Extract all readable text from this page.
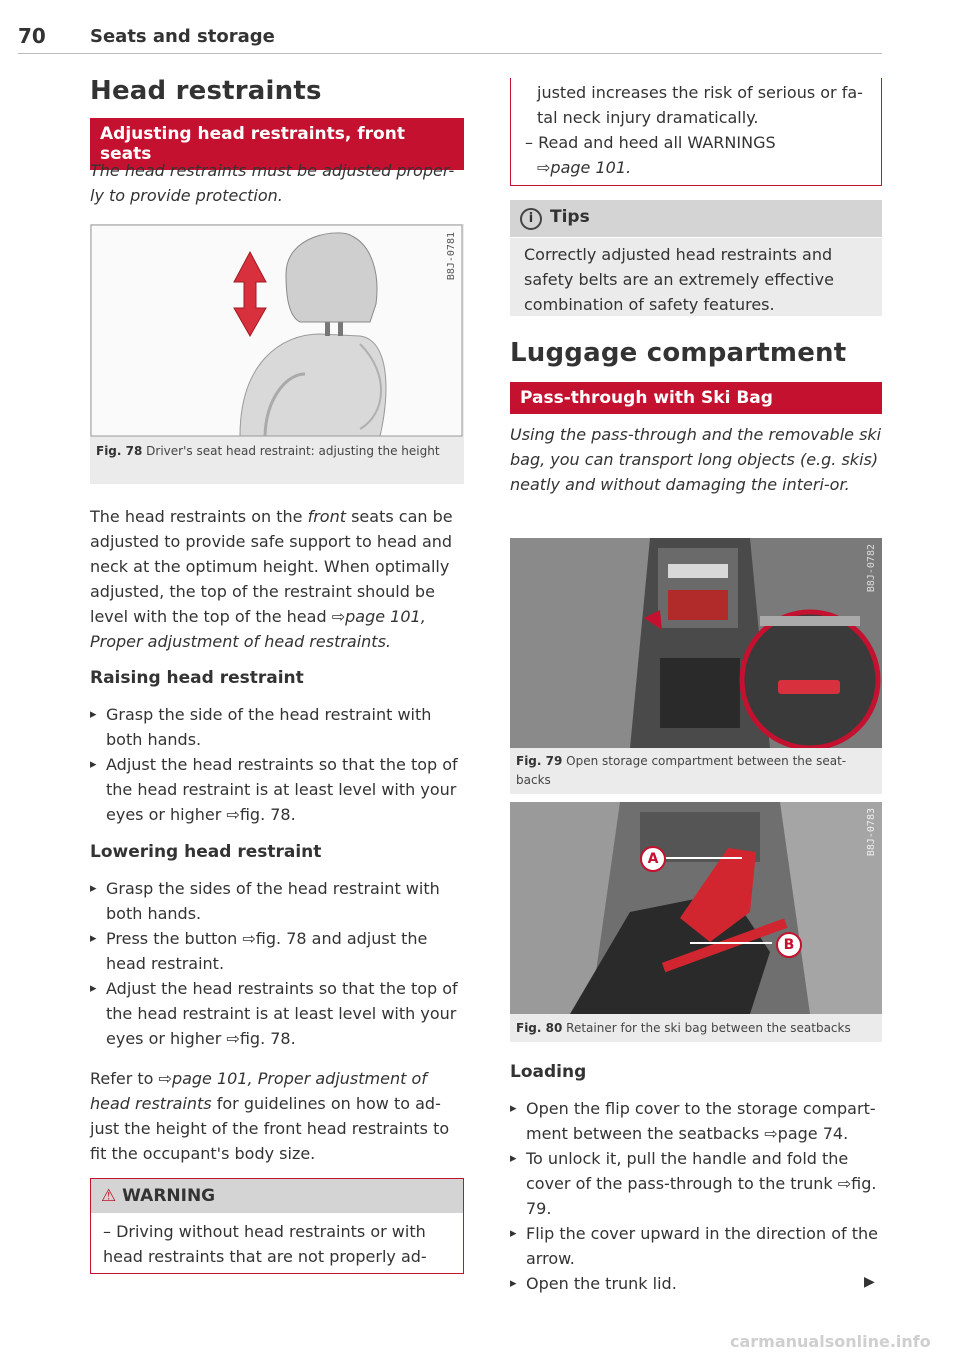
70 Seats and storage
Head restraints
Adjusting head restraints, front seats
The head restraints must be adjusted proper-ly to provide protection.
B8J-0781
Fig. 78 Driver's seat head restraint: adjusting the height
The head restraints on the front seats can be adjusted to provide safe support to head and neck at the optimum height. When optimally adjusted, the top of the restraint should be level with the top of the head ⇨page 101, Proper adjustment of head restraints.
Raising head restraint
▸ Grasp the side of the head restraint with both hands.
▸ Adjust the head restraints so that the top of the head restraint is at least level with your eyes or higher ⇨fig. 78.
Lowering head restraint
▸ Grasp the sides of the head restraint with both hands.
▸ Press the button ⇨fig. 78 and adjust the head restraint.
▸ Adjust the head restraints so that the top of the head restraint is at least level with your eyes or higher ⇨fig. 78.
Refer to ⇨page 101, Proper adjustment of head restraints for guidelines on how to ad-just the height of the front head restraints to fit the occupant's body size.
⚠ WARNING
– Driving without head restraints or with head restraints that are not properly ad-
justed increases the risk of serious or fa-tal neck injury dramatically.
– Read and heed all WARNINGS
⇨page 101.
i Tips
Correctly adjusted head restraints and safety belts are an extremely effective combination of safety features.
Luggage compartment
Pass-through with Ski Bag
Using the pass-through and the removable ski bag, you can transport long objects (e.g. skis) neatly and without damaging the interi-or.
B8J-0782
Fig. 79 Open storage compartment between the seat-backs
A
B
B8J-0783
Fig. 80 Retainer for the ski bag between the seatbacks
Loading
▸ Open the flip cover to the storage compart-ment between the seatbacks ⇨page 74.
▸ To unlock it, pull the handle and fold the cover of the pass-through to the trunk ⇨fig. 79.
▸ Flip the cover upward in the direction of the arrow.
▸ Open the trunk lid.	▶
carmanualsonline.info
